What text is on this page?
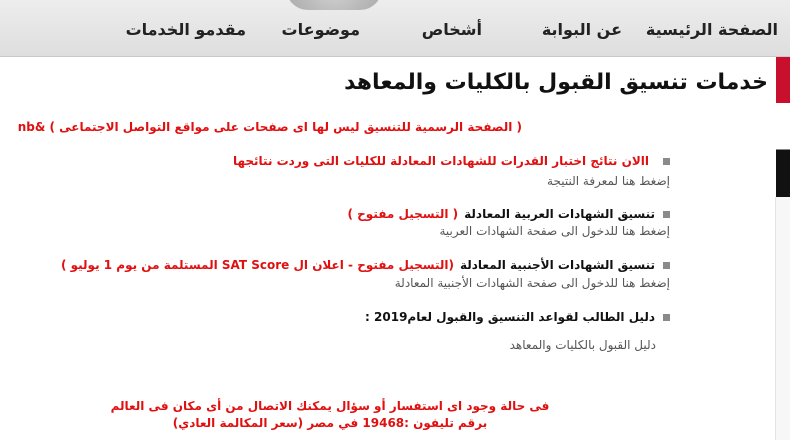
الصفحة الرئيسية
عن البوابة
أشخاص
موضوعات
مقدمو الخدمات
خدمات تنسيق القبول بالكليات والمعاهد
( الصفحة الرسمية للتنسيق ليس لها اى صفحات على مواقع التواصل الاجتماعى ) &nb
االان نتائج اختبار القدرات للشهادات المعادلة للكليات التى وردت نتائجها
إضغط هنا لمعرفة النتيجة
تنسيق الشهادات العربية المعادلة( التسجيل مفتوح )
إضغط هنا للدخول الى صفحة الشهادات العربية
تنسيق الشهادات الأجنبية المعادلة(التسجيل مفتوح - اعلان ال SAT Score المستلمة من يوم 1 يوليو )
إضغط هنا للدخول الى صفحة الشهادات الأجنبية المعادلة
دليل الطالب لقواعد التنسيق والقبول لعام2019 :
دليل القبول بالكليات والمعاهد
فى حالة وجود اى استفسار أو سؤال يمكنك الاتصال من أى مكان فى العالم
برقم تليفون :19468 في مصر (سعر المكالمة العادي)
